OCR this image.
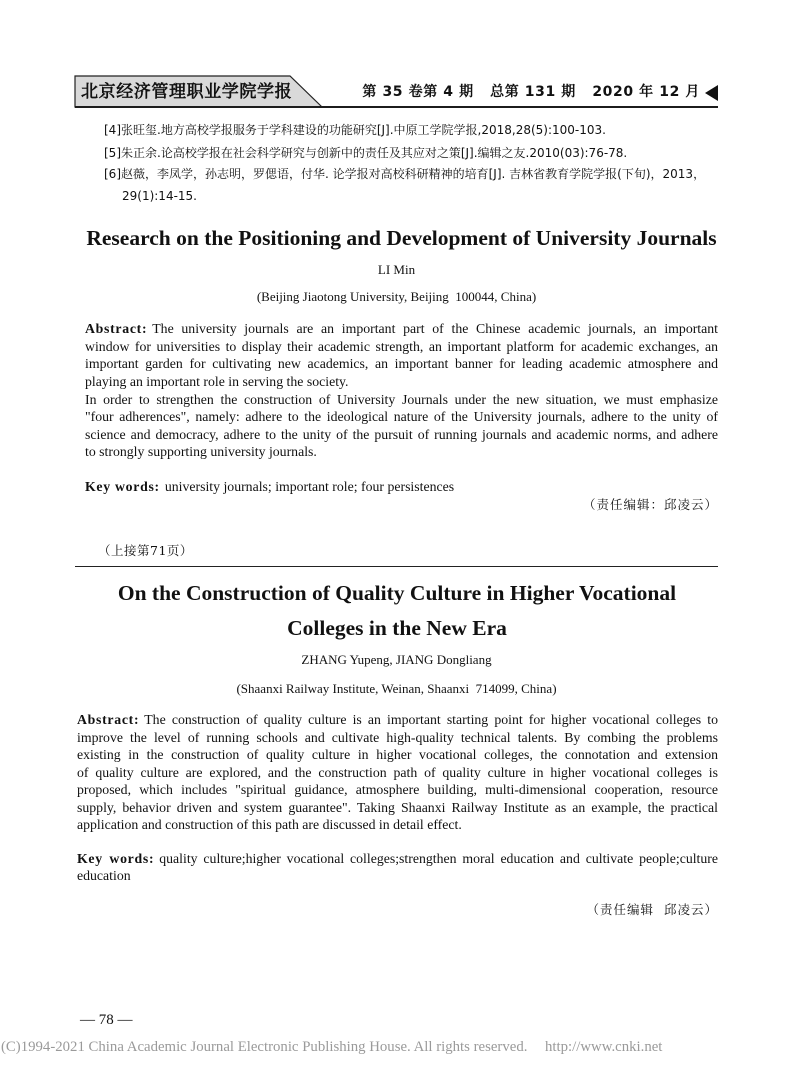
北京经济管理职业学院学报	第 35 卷第 4 期   总第 131 期   2020 年 12 月
[4]张旺玺.地方高校学报服务于学科建设的功能研究[J].中原工学院学报,2018,28(5):100-103.
[5]朱正余.论高校学报在社会科学研究与创新中的责任及其应对之策[J].编辑之友.2010(03):76-78.
[6]赵薇，李凤学，孙志明，罗偲语，付华. 论学报对高校科研精神的培育[J]. 吉林省教育学院学报(下旬)，2013，
29(1):14-15.
Research on the Positioning and Development of University Journals
LI Min
(Beijing Jiaotong University, Beijing  100044, China)
Abstract: The university journals are an important part of the Chinese academic journals, an important
window for universities to display their academic strength, an important platform for academic exchanges, an
important garden for cultivating new academics, an important banner for leading academic atmosphere and
playing an important role in serving the society.
In order to strengthen the construction of University Journals under the new situation, we must emphasize
"four adherences", namely: adhere to the ideological nature of the University journals, adhere to the unity of
science and democracy, adhere to the unity of the pursuit of running journals and academic norms, and adhere
to strongly supporting university journals.
Key words: university journals; important role; four persistences
（责任编辑：邱凌云）
（上接第71页）
On the Construction of Quality Culture in Higher Vocational Colleges in the New Era
ZHANG Yupeng, JIANG Dongliang
(Shaanxi Railway Institute, Weinan, Shaanxi  714099, China)
Abstract: The construction of quality culture is an important starting point for higher vocational colleges to
improve the level of running schools and cultivate high-quality technical talents. By combing the problems
existing in the construction of quality culture in higher vocational colleges, the connotation and extension
of quality culture are explored, and the construction path of quality culture in higher vocational colleges is
proposed, which includes "spiritual guidance, atmosphere building, multi-dimensional cooperation, resource
supply, behavior driven and system guarantee". Taking Shaanxi Railway Institute as an example, the practical
application and construction of this path are discussed in detail effect.
Key words: quality culture;higher vocational colleges;strengthen moral education and cultivate people;culture
education
（责任编辑  邱凌云）
— 78 —
(C)1994-2021 China Academic Journal Electronic Publishing House. All rights reserved. http://www.cnki.net
